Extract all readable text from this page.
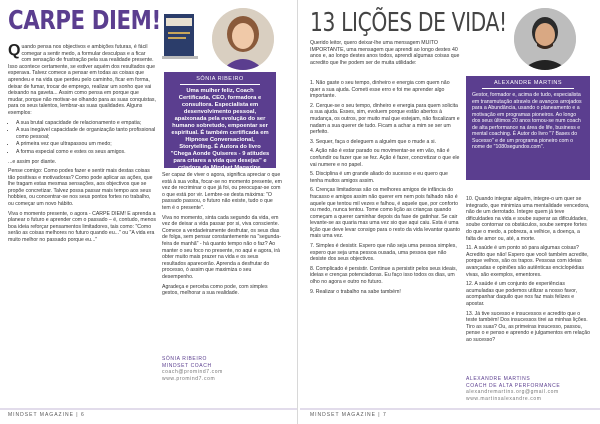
CARPE DIEM!

Quando pensa nos objectivos e ambições futuras, é fácil comegar a sentir medo, a formular desculpas e a ficar com sensação de frustração pela sua realidade presente. Isso acontece certamente, se estiver aquém dos resultados que esperava. Talvez comece a pensar em todas as coisas que aprendeu e na vida que perdeu pelo caminho, ficar em forma, deixar de fumar, trocar de emprego, realizar um sonho que vai deixando na gaveta... Assim como pensa em porque que mudar, porque não motivar-se olhando para as suas conquistas, para os seus talentos, lembrar-as suas qualidades. Alguns exemplos:

• A sua brutal capacidade de relacionamento e empatia;
• A sua inegável capacidade de organização tanto profissional como pessoal;
• A primeira vez que ultrapassou um medo;
• A forma especial como e estes os seus amigos.

...e assim por diante.

Pense comigo: Como podes fazer e sentir mais destas coisas tão positivas e motivadoras? Como pode aplicar as ações, que lhe tragam estas mesmas sensações, aos objectivos que se propõe concretizar. Talvez possa passar mais tempo aos seus hobbies, ou concentrar-se nos seus pontos fortes no trabalho, ou começar um novo hábito.

Viva o momento presente, o agora - CARPE DIEM! E aprenda a planear o futuro e aprender com o passado – é, contudo, menos boa ideia reforçar pensamentos limitadores, tais como: "Como serão as coisas melhores no futuro quando eu..." ou "A vida era muito melhor no passado porque eu..."

SÓNIA RIBEIRO
Uma mulher feliz, Coach Certificada, CEO, formadora e consultora. Especialista em desenvolvimento pessoal, apaixonada pela evolução do ser humano sobretudo, empoentar ser espiritual. É também certificada em Hipnose Conversacional, Storytelling. É Autora do livro "Chega Aonde Quiseres - 9 atitudes para criares a vida que desejas" e criadora da Mindset Magazine.

Ser capaz de viver o agora, significa apreciar o que está à sua volta, focar-se no momento presente, em vez de recriminar o que já foi, ou preocupar-se com o que está por vir. Lembre-se desta máxima: "O passado passou, o futuro não existe, tudo o que tem é o presente".

Viva no momento, sinta cada segundo da vida, em vez de deixar a vida passar por si, viva consciente. Comece a verdadeiramente desfrutar, os seus dias de folga, sem pensar constantemente na "segunda-feira de manhã" - há quanto tempo não o faz? Ao manter o seu foco no presente, no aqui e agora, irá obter muito mais prazer na vida e os seus resultados aparecerão. Aprenda a desfrutar do processo, ó assim que maximiza o seu desempenho.

Agradeça e perceba como pode, com simples gestos, melhorar a sua realidade.

SÓNIA RIBEIRO
MINDSET COACH
coach@promind7.com
www.promind7.com
MINDSET MAGAZINE | 6
13 LIÇÕES DE VIDA!
Querido leitor, quero deixar-lhe uma mensagem MUITO IMPORTANTE, uma mensagem que aprendi ao longo destes 40 anos e, ao longo destes anos todos, aprendi algumas coisas que acredito que lhe podem ser de muita utilidade:

1. Não gaste o seu tempo, dinheiro e energia com quem não quer a sua ajuda. Cometi esse erro e foi me aprender algo importante.

2. Cerque-se o seu tempo, dinheiro e energia para quem solicita a sua ajuda. Esses, sim, evoluem porque estão abertos à mudança, os outros, por muito mal que estejam, não fiscalizam e nadam a sua querer de tudo. Ficam a achar a mim se ser um perfeito.

3. Sequer, faça o deleguem a alguém que o mude a si.

4. Ação não é estar parado ou movimentar-se em vão, não é confundir ou fazer que se fez. Ação é fazer, concretizar o que ele vai numere e no papel.

5. Disciplina é um grande aliado do sucesso e eu quero que tenha muitos amigos assim.

6. Crenças limitadoras são os melhores amigos de infância do fracasso e amigos assim não querer em nem pois falhado não é aquele que tentou mil vezes e falhou, é aquele que, por conforto ou medo, nunca tentou. Tome como lição as crianças quando começam a querer caminhar depois da fase de gatinhar. Se cair levante-se as quaria mas uma vez sio que aqui caiu. Esta é uma lição que deve levar consigo para o resto da vida levantar quanto mais uma vez.

7. Simples é desistir. Espero que não seja uma pessoa simples, espero que seja uma pessoa ousada, uma pessoa que não desiste dos seus objectivos.

8. Complicado é persistir. Continue a persistir pelos seus ideais, ideias e crenças potenciadoras. Eu faço isso todos os dias, um olho no agora e outro no futuro.

9. Realizar o trabalho na sabe também!

ALEXANDRE MARTINS
Gestor, formador e, acima de tudo, especialista em transmutação através de avanços arrojados para a Abundância, usando o planeamento e a motivação em programas pioneiros. Ao longo dos seus últimos 20 anos tornou-se num coach de alta performance na área de life, business e mental coaching. É Autor do livro "7 Bases do Sucesso" e de um programa pioneiro com o nome de "1080segundos.com".

10. Quando integrar alguém, integre-o um quer se integrado, que minimiza uma mentalidade vencedora, não de um derrotado. Integre quem já teve dificuldades na vida e soube superar as dificuldades, soube contornar os obstáculos, soube sempre fortes do que o medo, a pobreza, a velhice, a doença, a falta de amor ou, até, a morte.

11. A saúde é um ponto só para algumas coisas? Acredito que não! Espero que você também acredite, porque velhos, são os trapos. Pessoas com ideias avançadas e opiniões são autênticas enciclopédias vivas, são exemplos, ementores.

12. A saúde é um conjunto de experiências acumuladas que podemos utilizar a nosso favor, acompanhar daquilo que nos faz mais felizes e apostar.

13. Já tive sucesso e insucessos e acredito que o teste também! Dos insucessos tirei as minhas lições. Tiro as suas? Ou, as primeiras insucesso, passou, pense o e penso e aprendo e julgamentos em relação ao sucesso?

ALEXANDRE MARTINS
COACH DE ALTA PERFORMANCE
alexandremartins.org@gmail.com
www.martinsalexandre.com
MINDSET MAGAZINE | 7
